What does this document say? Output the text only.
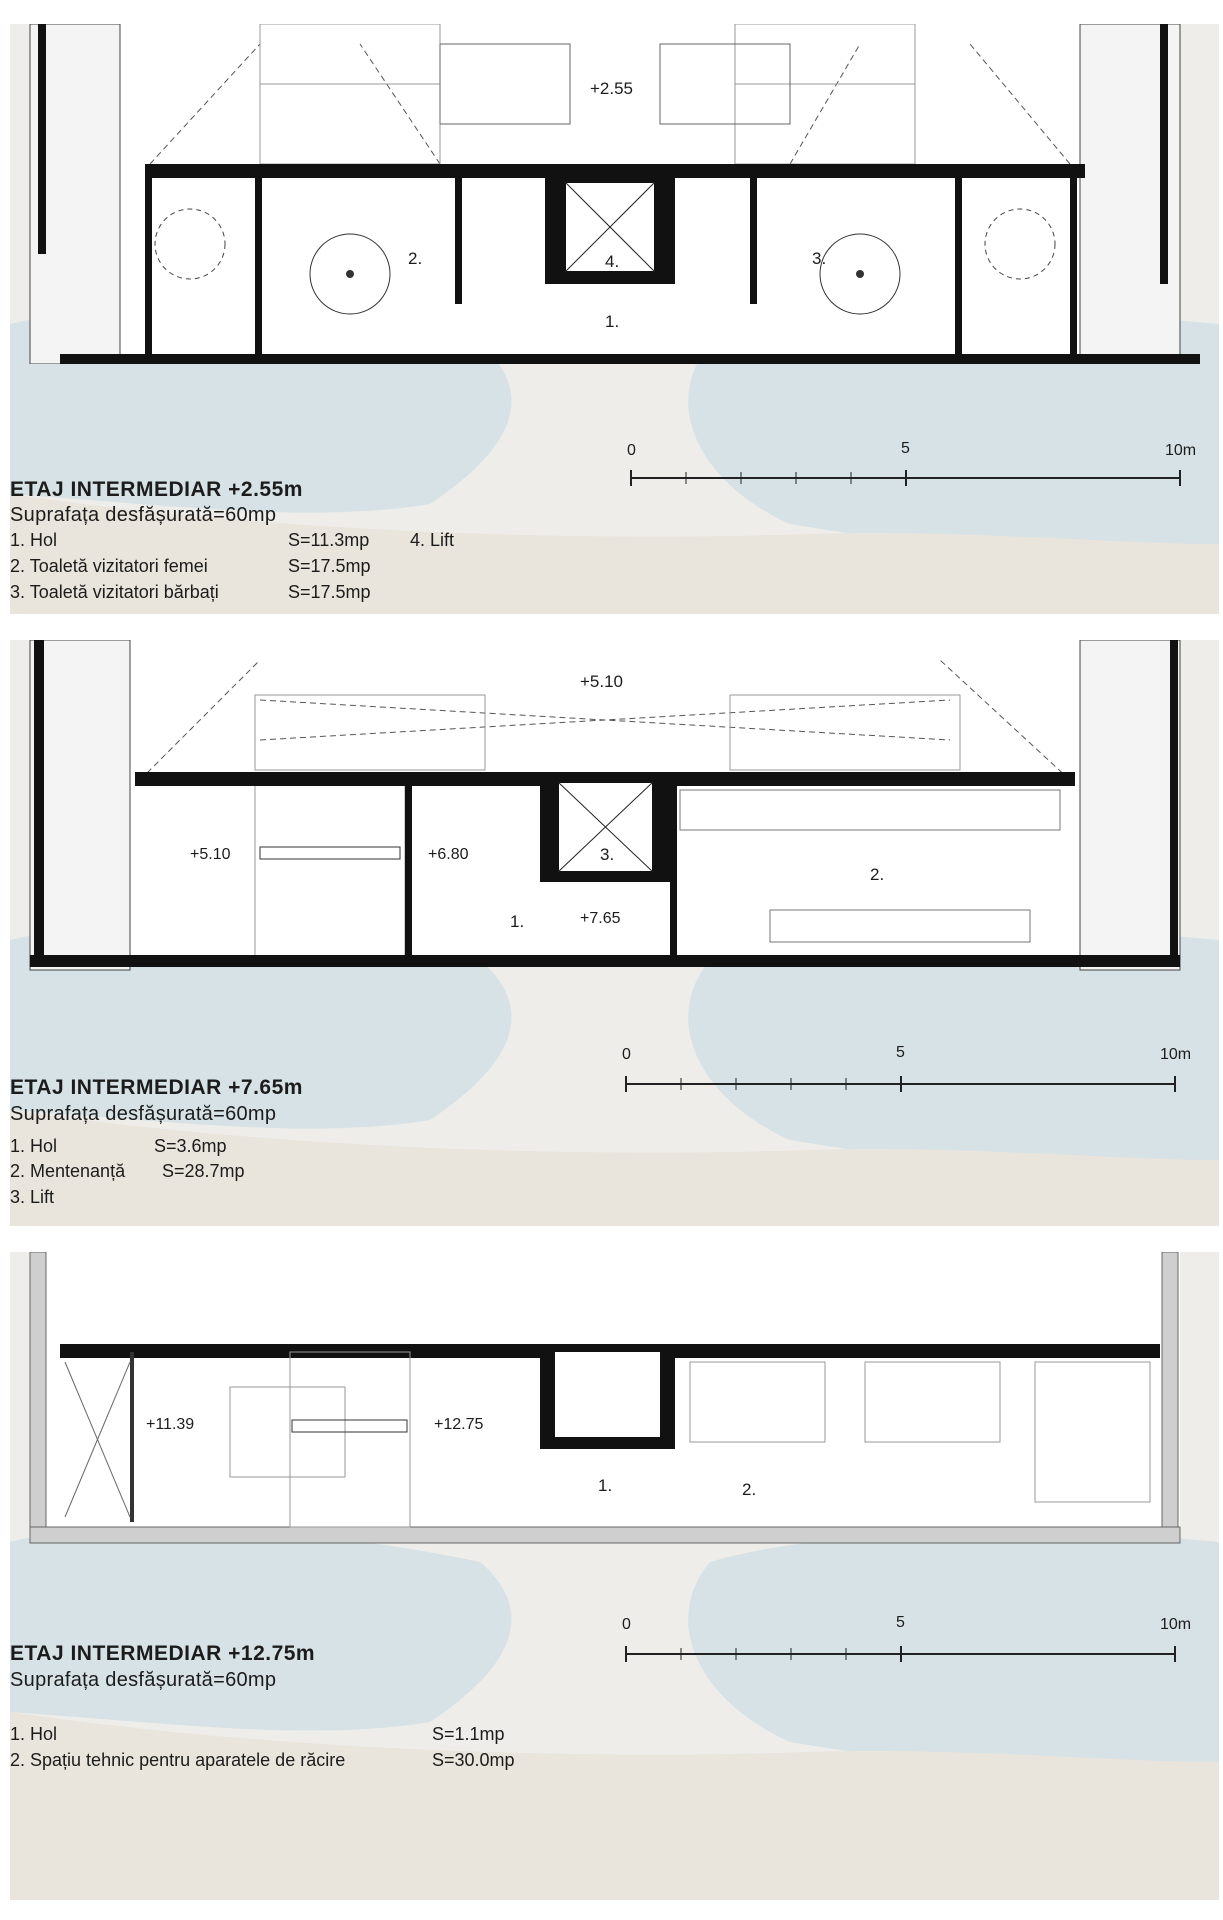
+2.55
1.
2.	3.
4.
ETAJ INTERMEDIAR +2.55m
Suprafața desfășurată=60mp
1. Hol	S=11.3mp 4. Lift
2. Toaletă vizitatori femei	S=17.5mp
3. Toaletă vizitatori bărbați	S=17.5mp
0	5	10m
+5.10
+5.10	+6.80
+7.65
1.
2.
3.
ETAJ INTERMEDIAR +7.65m
Suprafața desfășurată=60mp
1. Hol	S=3.6mp
2. Mentenanță S=28.7mp
3. Lift
0	5	10m
+11.39	+12.75
1.	2.
ETAJ INTERMEDIAR +12.75m
Suprafața desfășurată=60mp
1. Hol	S=1.1mp
2. Spațiu tehnic pentru aparatele de răcire	S=30.0mp
0	5	10m
